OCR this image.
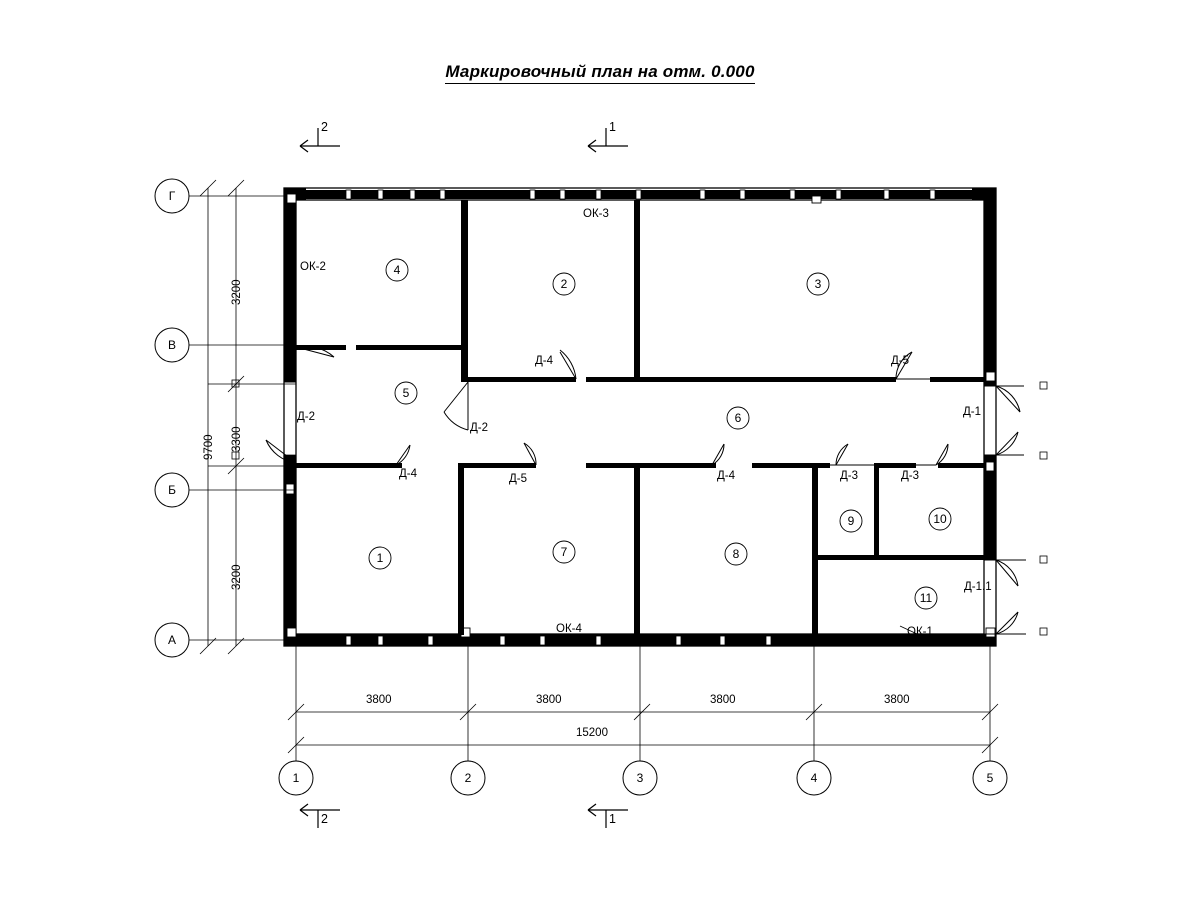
Маркировочный план на отм. 0.000
Г
В
Б
А
1	2	3	4	5
3200
3300
3200
9700
3800	3800	3800	3800
15200
2	1
2	1
4
2	3
5
6
1	7	8
9	10
11
ОК-2
ОК-3
ОК-4	ОК-1
Д-4	Д-5
Д-1
Д-2
Д-2
Д-4	Д-5	Д-4	Д-3	Д-3
Д-1.1
